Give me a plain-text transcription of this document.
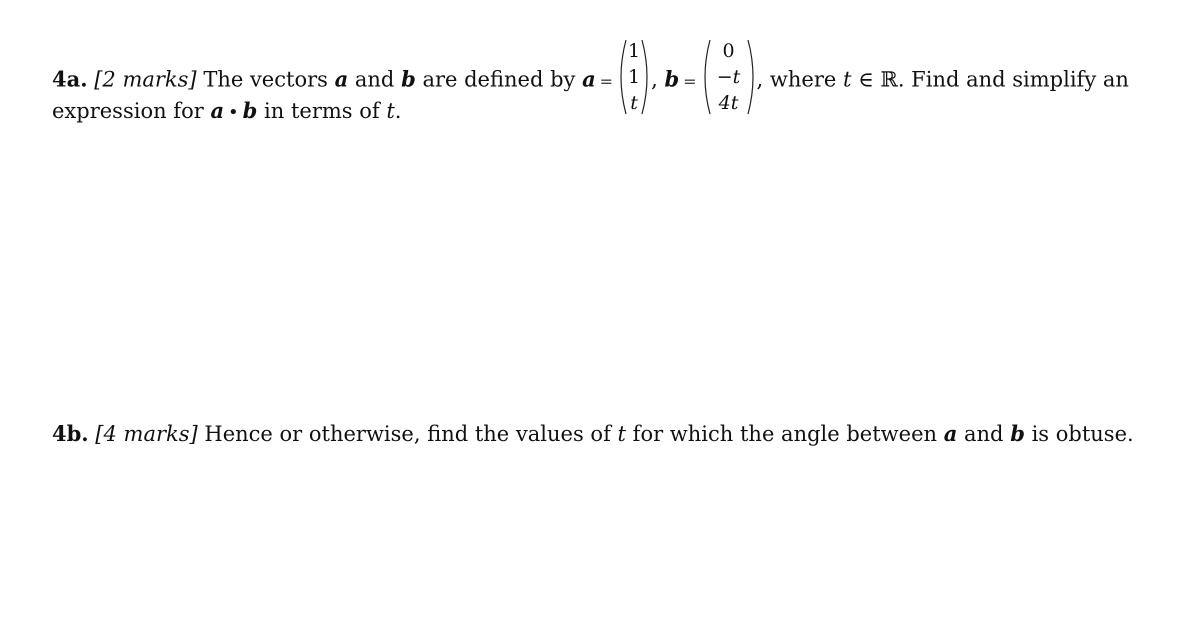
4a. [2 marks] The vectors a and b are defined by a =
1
1
t
, b =
0
−t
4t
, where t ∈ ℝ. Find and simplify an
expression for a • b in terms of t.
4b. [4 marks] Hence or otherwise, find the values of t for which the angle between a and b is obtuse.
